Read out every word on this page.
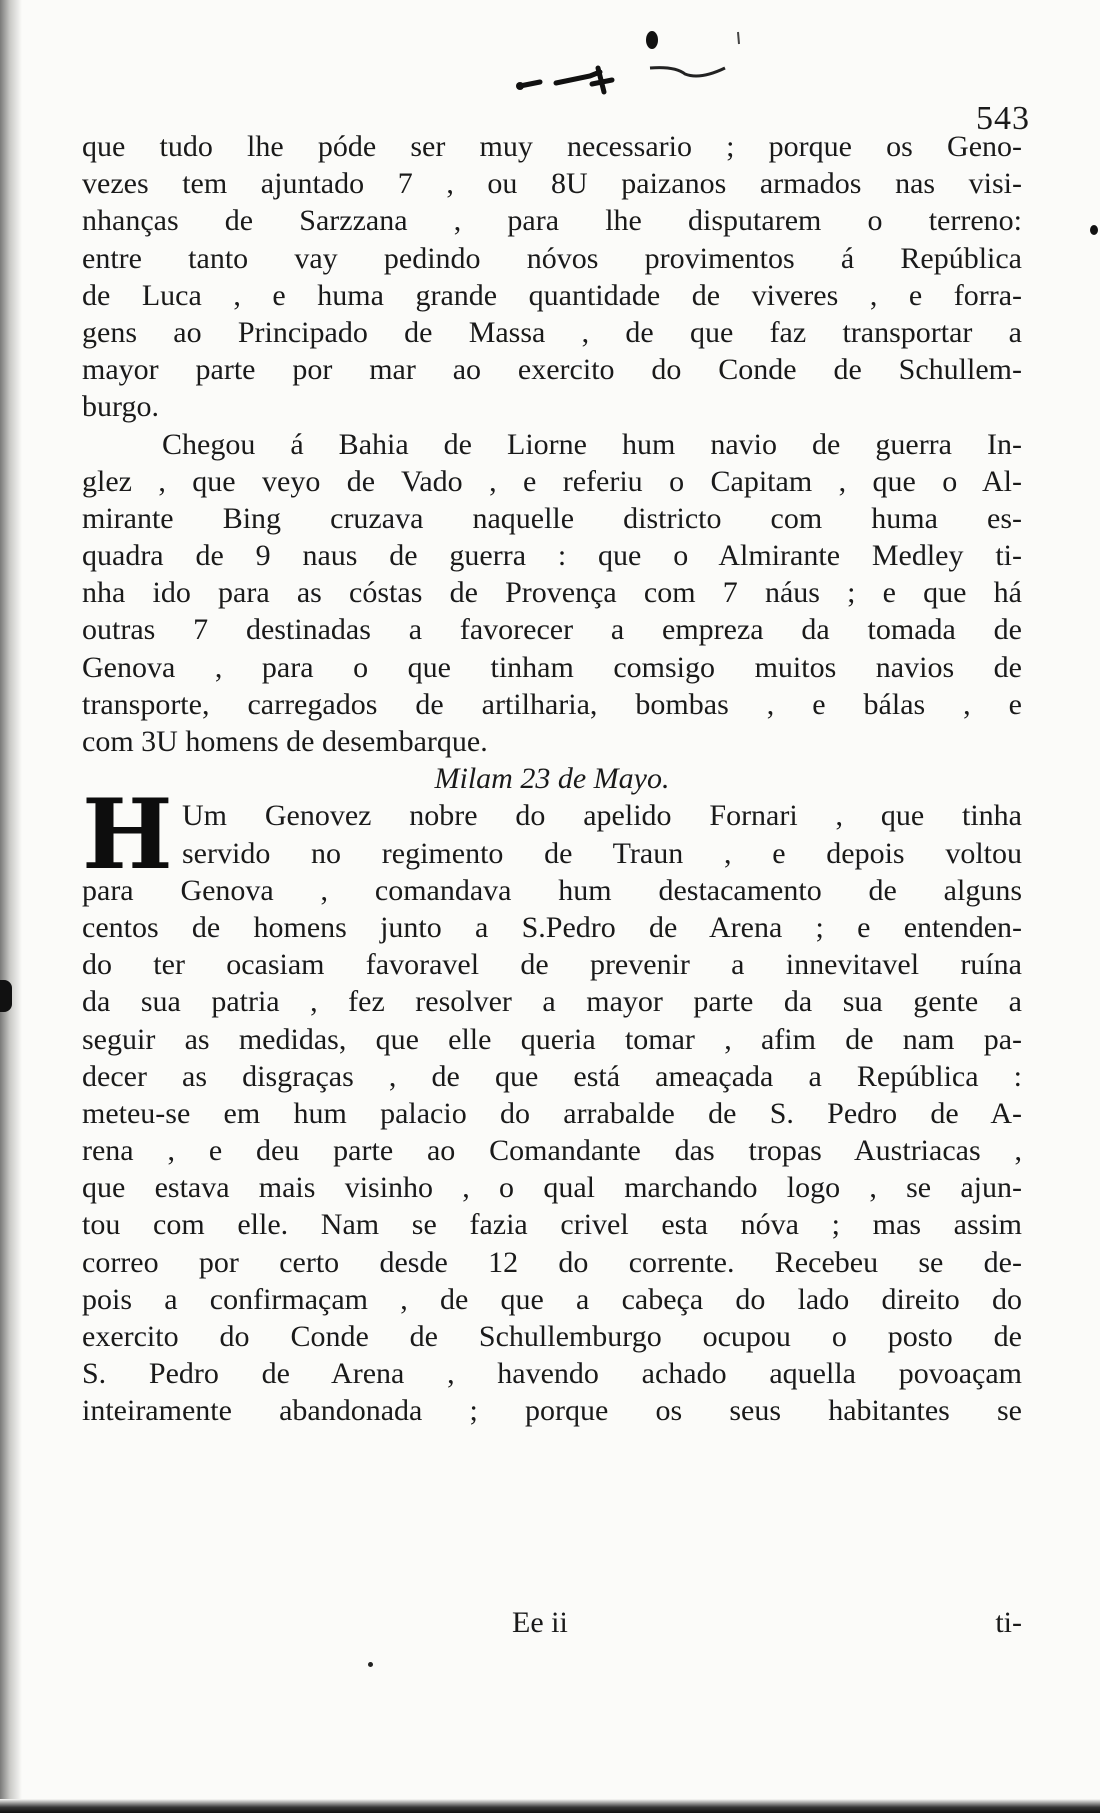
543
que tudo lhe póde ser muy necessario ; porque os Geno-
vezes tem ajuntado 7 , ou 8U paizanos armados nas visi-
nhanças de Sarzzana , para lhe disputarem o terreno:
entre tanto vay pedindo nóvos provimentos á República
de Luca , e huma grande quantidade de viveres , e forra-
gens ao Principado de Massa , de que faz transportar a
mayor parte por mar ao exercito do Conde de Schullem-
burgo.
Chegou á Bahia de Liorne hum navio de guerra In-
glez , que veyo de Vado , e referiu o Capitam , que o Al-
mirante Bing cruzava naquelle districto com huma es-
quadra de 9 naus de guerra : que o Almirante Medley ti-
nha ido para as cóstas de Provença com 7 náus ; e que há
outras 7 destinadas a favorecer a empreza da tomada de
Genova , para o que tinham comsigo muitos navios de
transporte, carregados de artilharia, bombas , e bálas , e
com 3U homens de desembarque.
Milam 23 de Mayo.
H Um Genovez nobre do apelido Fornari , que tinha
servido no regimento de Traun , e depois voltou
para Genova , comandava hum destacamento de alguns
centos de homens junto a S.Pedro de Arena ; e entenden-
do ter ocasiam favoravel de prevenir a innevitavel ruína
da sua patria , fez resolver a mayor parte da sua gente a
seguir as medidas, que elle queria tomar , afim de nam pa-
decer as disgraças , de que está ameaçada a República :
meteu-se em hum palacio do arrabalde de S. Pedro de A-
rena , e deu parte ao Comandante das tropas Austriacas ,
que estava mais visinho , o qual marchando logo , se ajun-
tou com elle. Nam se fazia crivel esta nóva ; mas assim
correo por certo desde 12 do corrente. Recebeu se de-
pois a confirmaçam , de que a cabeça do lado direito do
exercito do Conde de Schullemburgo ocupou o posto de
S. Pedro de Arena , havendo achado aquella povoaçam
inteiramente abandonada ; porque os seus habitantes se
Ee ii	ti-
